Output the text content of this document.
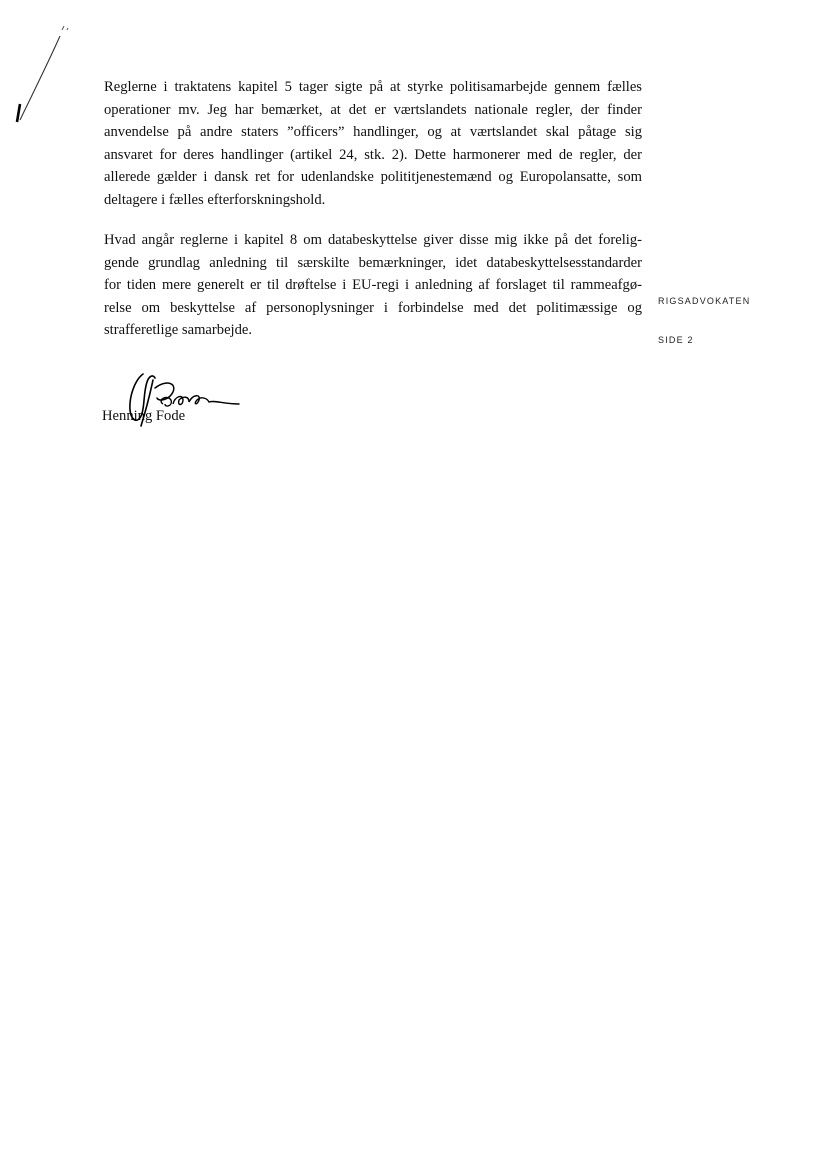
Reglerne i traktatens kapitel 5 tager sigte på at styrke politisamarbejde gennem fælles
operationer mv. Jeg har bemærket, at det er værtslandets nationale regler, der finder
anvendelse på andre staters ”officers” handlinger, og at værtslandet skal påtage sig
ansvaret for deres handlinger (artikel 24, stk. 2). Dette harmonerer med de regler, der
allerede gælder i dansk ret for udenlandske polititjenestemænd og Europolansatte, som
deltagere i fælles efterforskningshold.

Hvad angår reglerne i kapitel 8 om databeskyttelse giver disse mig ikke på det forelig-
gende grundlag anledning til særskilte bemærkninger, idet databeskyttelsesstandarder
for tiden mere generelt er til drøftelse i EU-regi i anledning af forslaget til rammeafgø-
relse om beskyttelse af personoplysninger i forbindelse med det politimæssige og
strafferetlige samarbejde.

RIGSADVOKATEN
SIDE 2
Henning Fode
